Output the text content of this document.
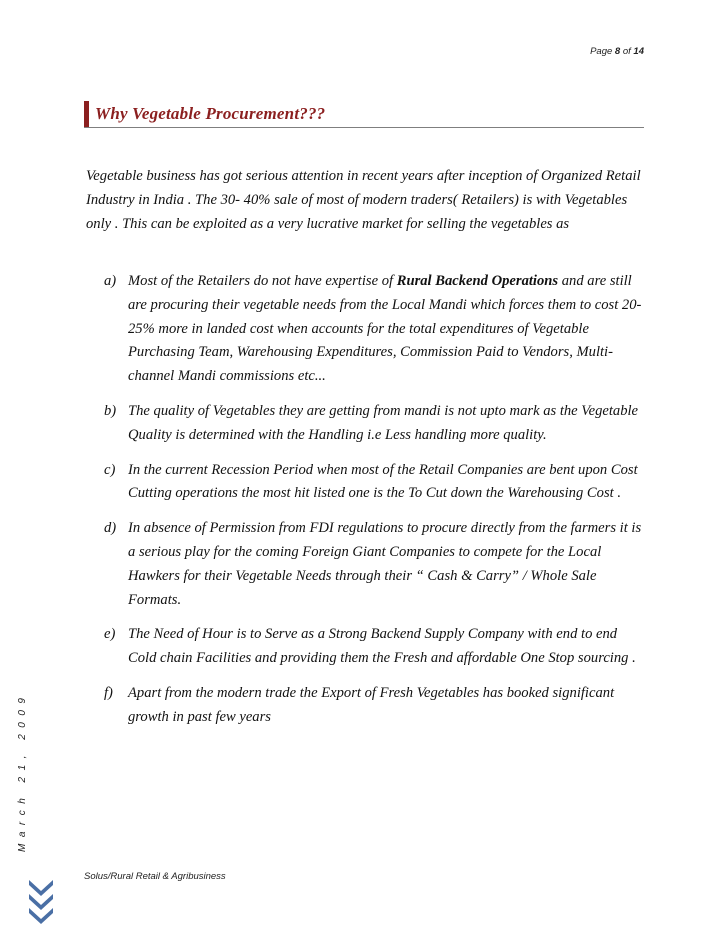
Page 8 of 14
Why Vegetable Procurement???

Vegetable business has got serious attention in recent years after inception of Organized Retail Industry in India . The 30- 40% sale of most of modern traders( Retailers) is with Vegetables only . This can be exploited as a very lucrative market for selling the vegetables as

a) Most of the Retailers do not have expertise of Rural Backend Operations and are still are procuring their vegetable needs from the Local Mandi which forces them to cost 20-25% more in landed cost when accounts for the total expenditures of Vegetable Purchasing Team, Warehousing Expenditures, Commission Paid to Vendors, Multi-channel Mandi commissions etc...
b) The quality of Vegetables they are getting from mandi is not upto mark as the Vegetable Quality is determined with the Handling i.e Less handling more quality.
c) In the current Recession Period when most of the Retail Companies are bent upon Cost Cutting operations the most hit listed one is the To Cut down the Warehousing Cost .
d) In absence of Permission from FDI regulations to procure directly from the farmers it is a serious play for the coming Foreign Giant Companies to compete for the Local Hawkers for their Vegetable Needs through their “ Cash & Carry” / Whole Sale Formats.
e) The Need of Hour is to Serve as a Strong Backend Supply Company with end to end Cold chain Facilities and providing them the Fresh and affordable One Stop sourcing .
f) Apart from the modern trade the Export of Fresh Vegetables has booked significant growth in past few years
March 21, 2009
Solus/Rural Retail & Agribusiness
